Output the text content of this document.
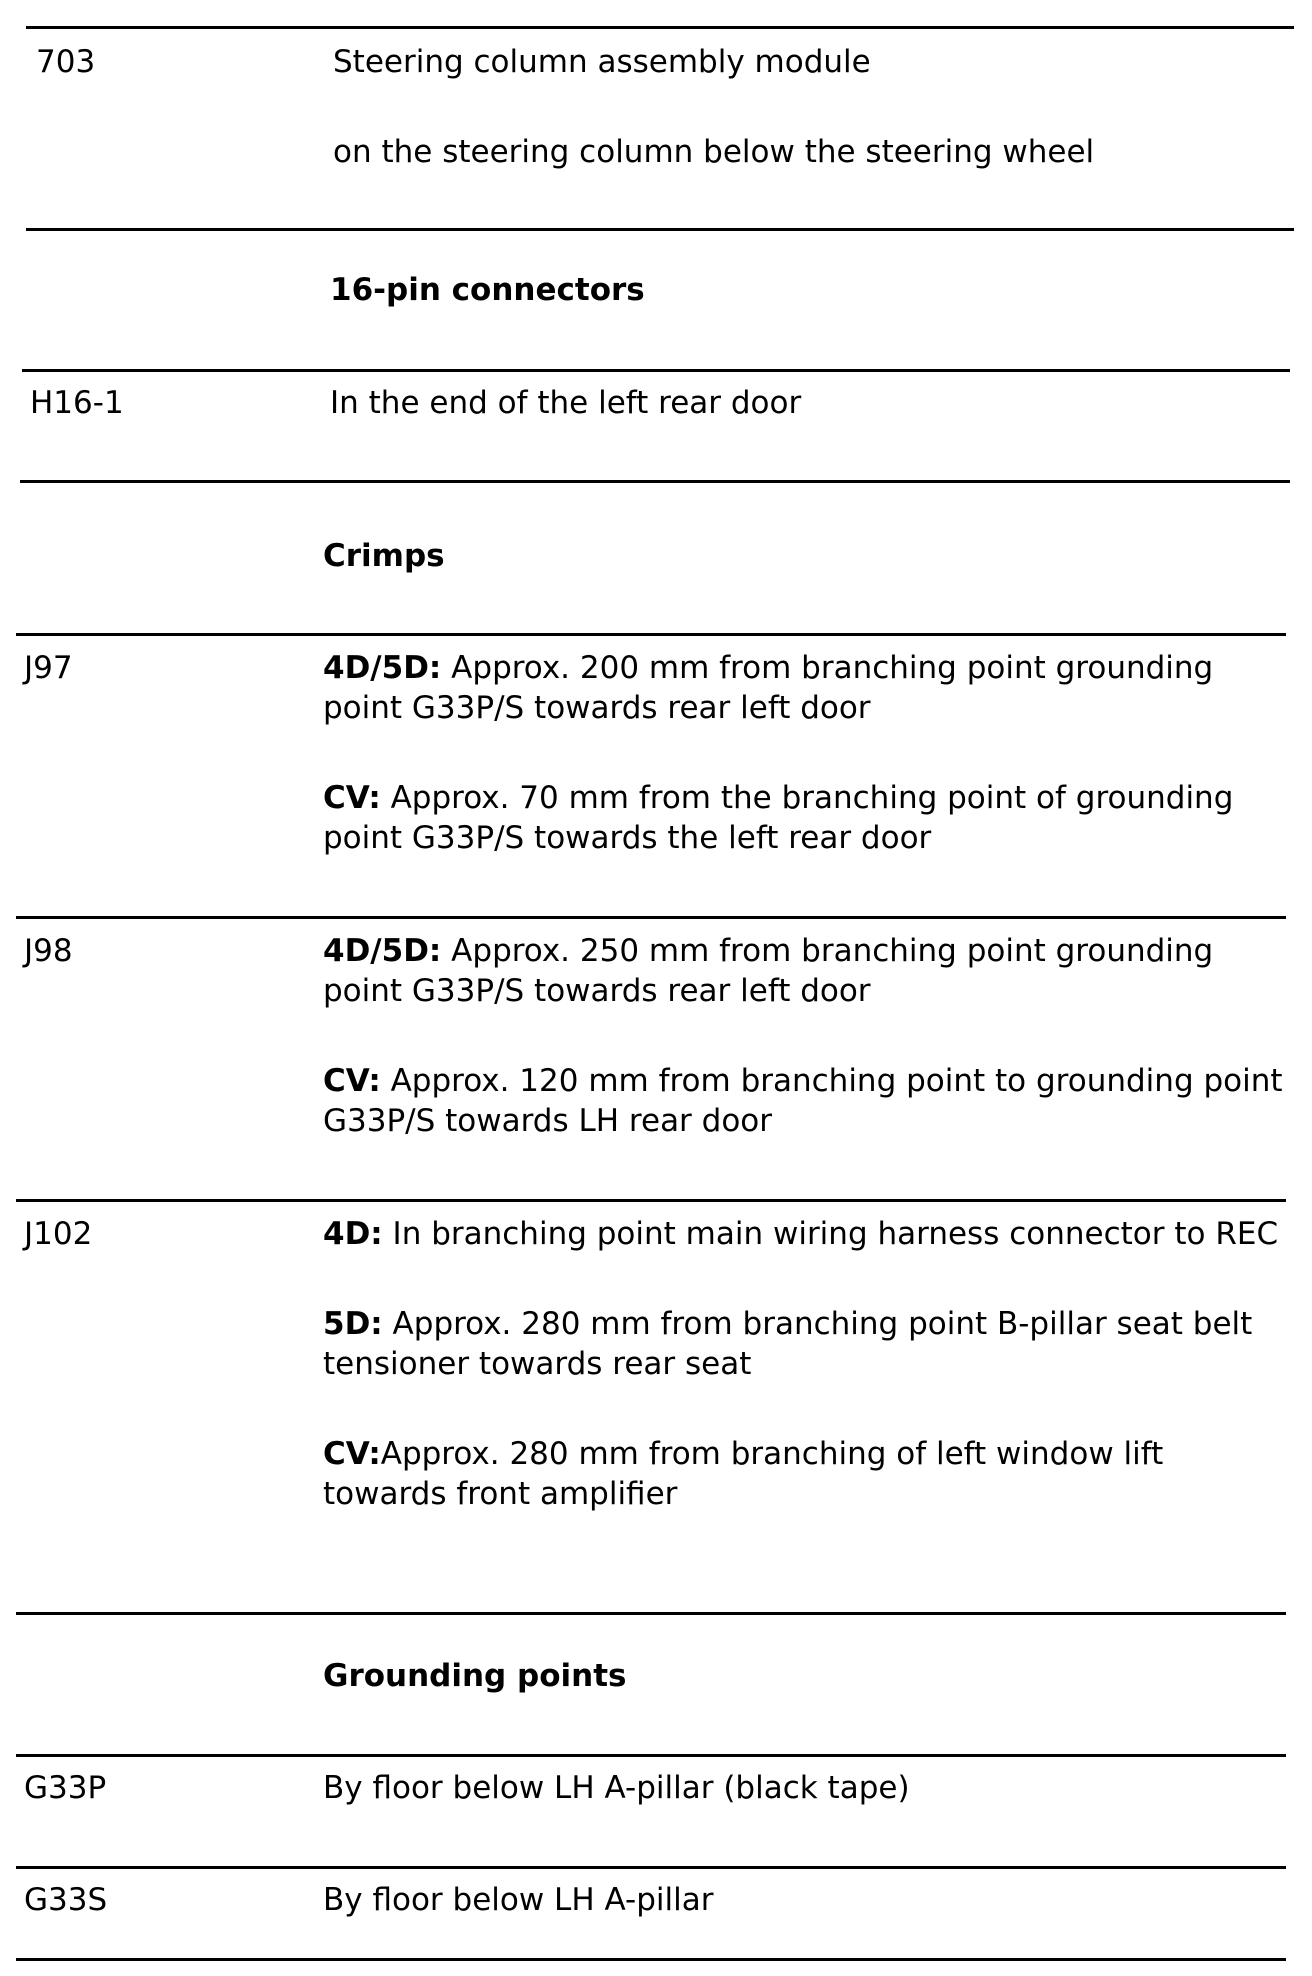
703	Steering column assembly module

on the steering column below the steering wheel

16-pin connectors
H16-1	In the end of the left rear door

Crimps
J97	4D/5D: Approx. 200 mm from branching point grounding point G33P/S towards rear left door

CV: Approx. 70 mm from the branching point of grounding point G33P/S towards the left rear door

J98	4D/5D: Approx. 250 mm from branching point grounding point G33P/S towards rear left door

CV: Approx. 120 mm from branching point to grounding point G33P/S towards LH rear door

J102	4D: In branching point main wiring harness connector to REC

5D: Approx. 280 mm from branching point B-pillar seat belt tensioner towards rear seat

CV:Approx. 280 mm from branching of left window lift towards front amplifier

Grounding points
G33P	By floor below LH A-pillar (black tape)

G33S	By floor below LH A-pillar
